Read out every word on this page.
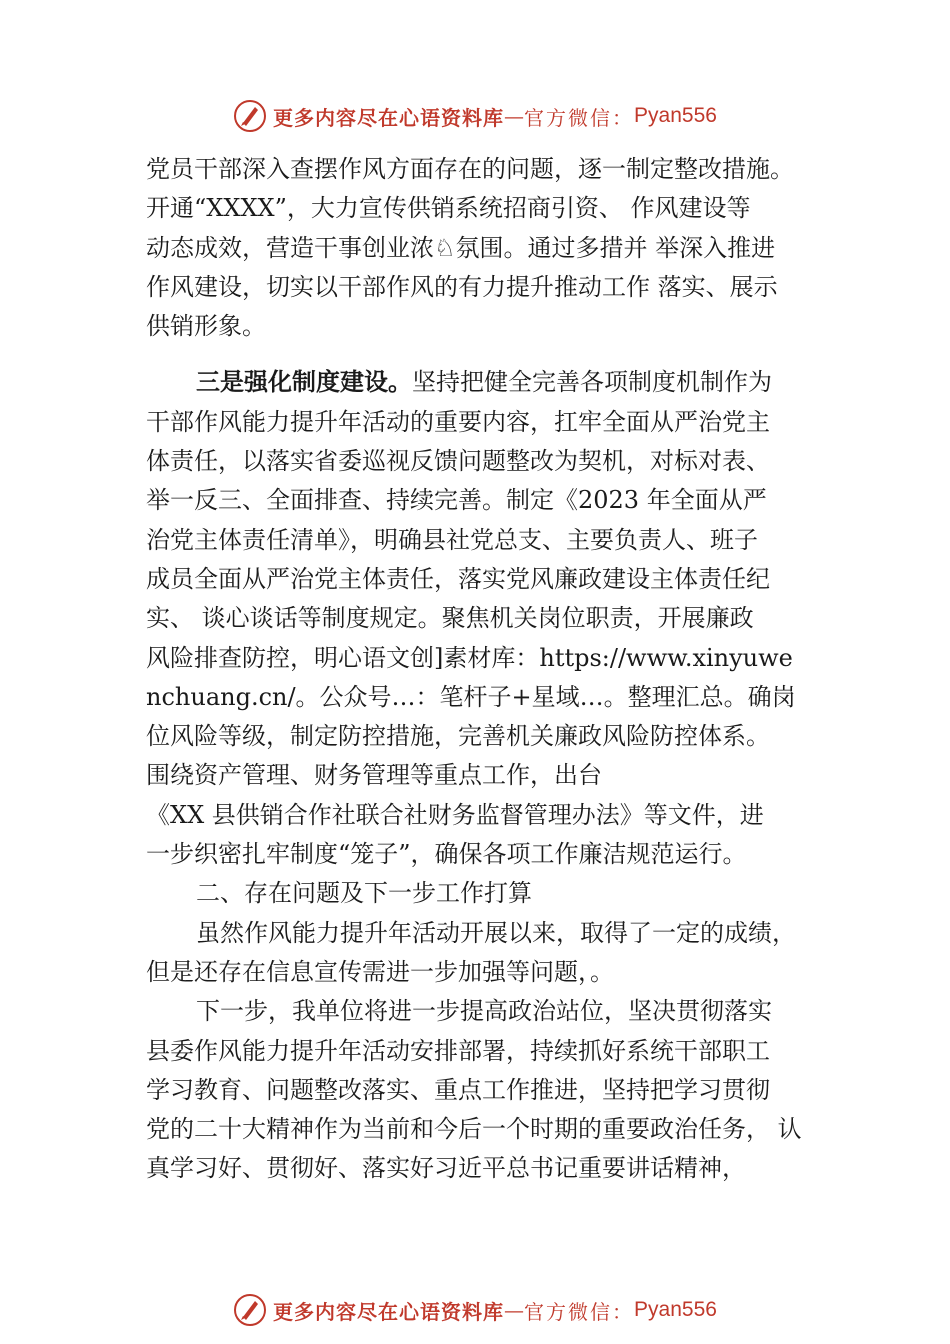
更多内容尽在心语资料库 — 官方微信： Pyan556
党员干部深入查摆作风方面存在的问题，逐一制定整改措施。
开通“XXXX”，大力宣传供销系统招商引资、 作风建设等
动态成效，营造干事创业浓♘氛围。通过多措并 举深入推进
作风建设，切实以干部作风的有力提升推动工作 落实、展示
供销形象。
三是强化制度建设。坚持把健全完善各项制度机制作为
干部作风能力提升年活动的重要内容，扛牢全面从严治党主
体责任，以落实省委巡视反馈问题整改为契机，对标对表、
举一反三、全面排查、持续完善。制定《2023 年全面从严
治党主体责任清单》，明确县社党总支、主要负责人、班子
成员全面从严治党主体责任，落实党风廉政建设主体责任纪
实、 谈心谈话等制度规定。聚焦机关岗位职责，开展廉政
风险排查防控，明心语文创]素材库：https://www.xinyuwe
nchuang.cn/。公众号…：笔杆子+星域…。整理汇总。确岗
位风险等级，制定防控措施，完善机关廉政风险防控体系。
围绕资产管理、财务管理等重点工作，出台
《XX 县供销合作社联合社财务监督管理办法》等文件，进
一步织密扎牢制度“笼子”，确保各项工作廉洁规范运行。
二、存在问题及下一步工作打算
虽然作风能力提升年活动开展以来，取得了一定的成绩，
但是还存在信息宣传需进一步加强等问题，。
下一步，我单位将进一步提高政治站位，坚决贯彻落实
县委作风能力提升年活动安排部署，持续抓好系统干部职工
学习教育、问题整改落实、重点工作推进，坚持把学习贯彻
党的二十大精神作为当前和今后一个时期的重要政治任务， 认
真学习好、贯彻好、落实好习近平总书记重要讲话精神，
更多内容尽在心语资料库 — 官方微信： Pyan556
